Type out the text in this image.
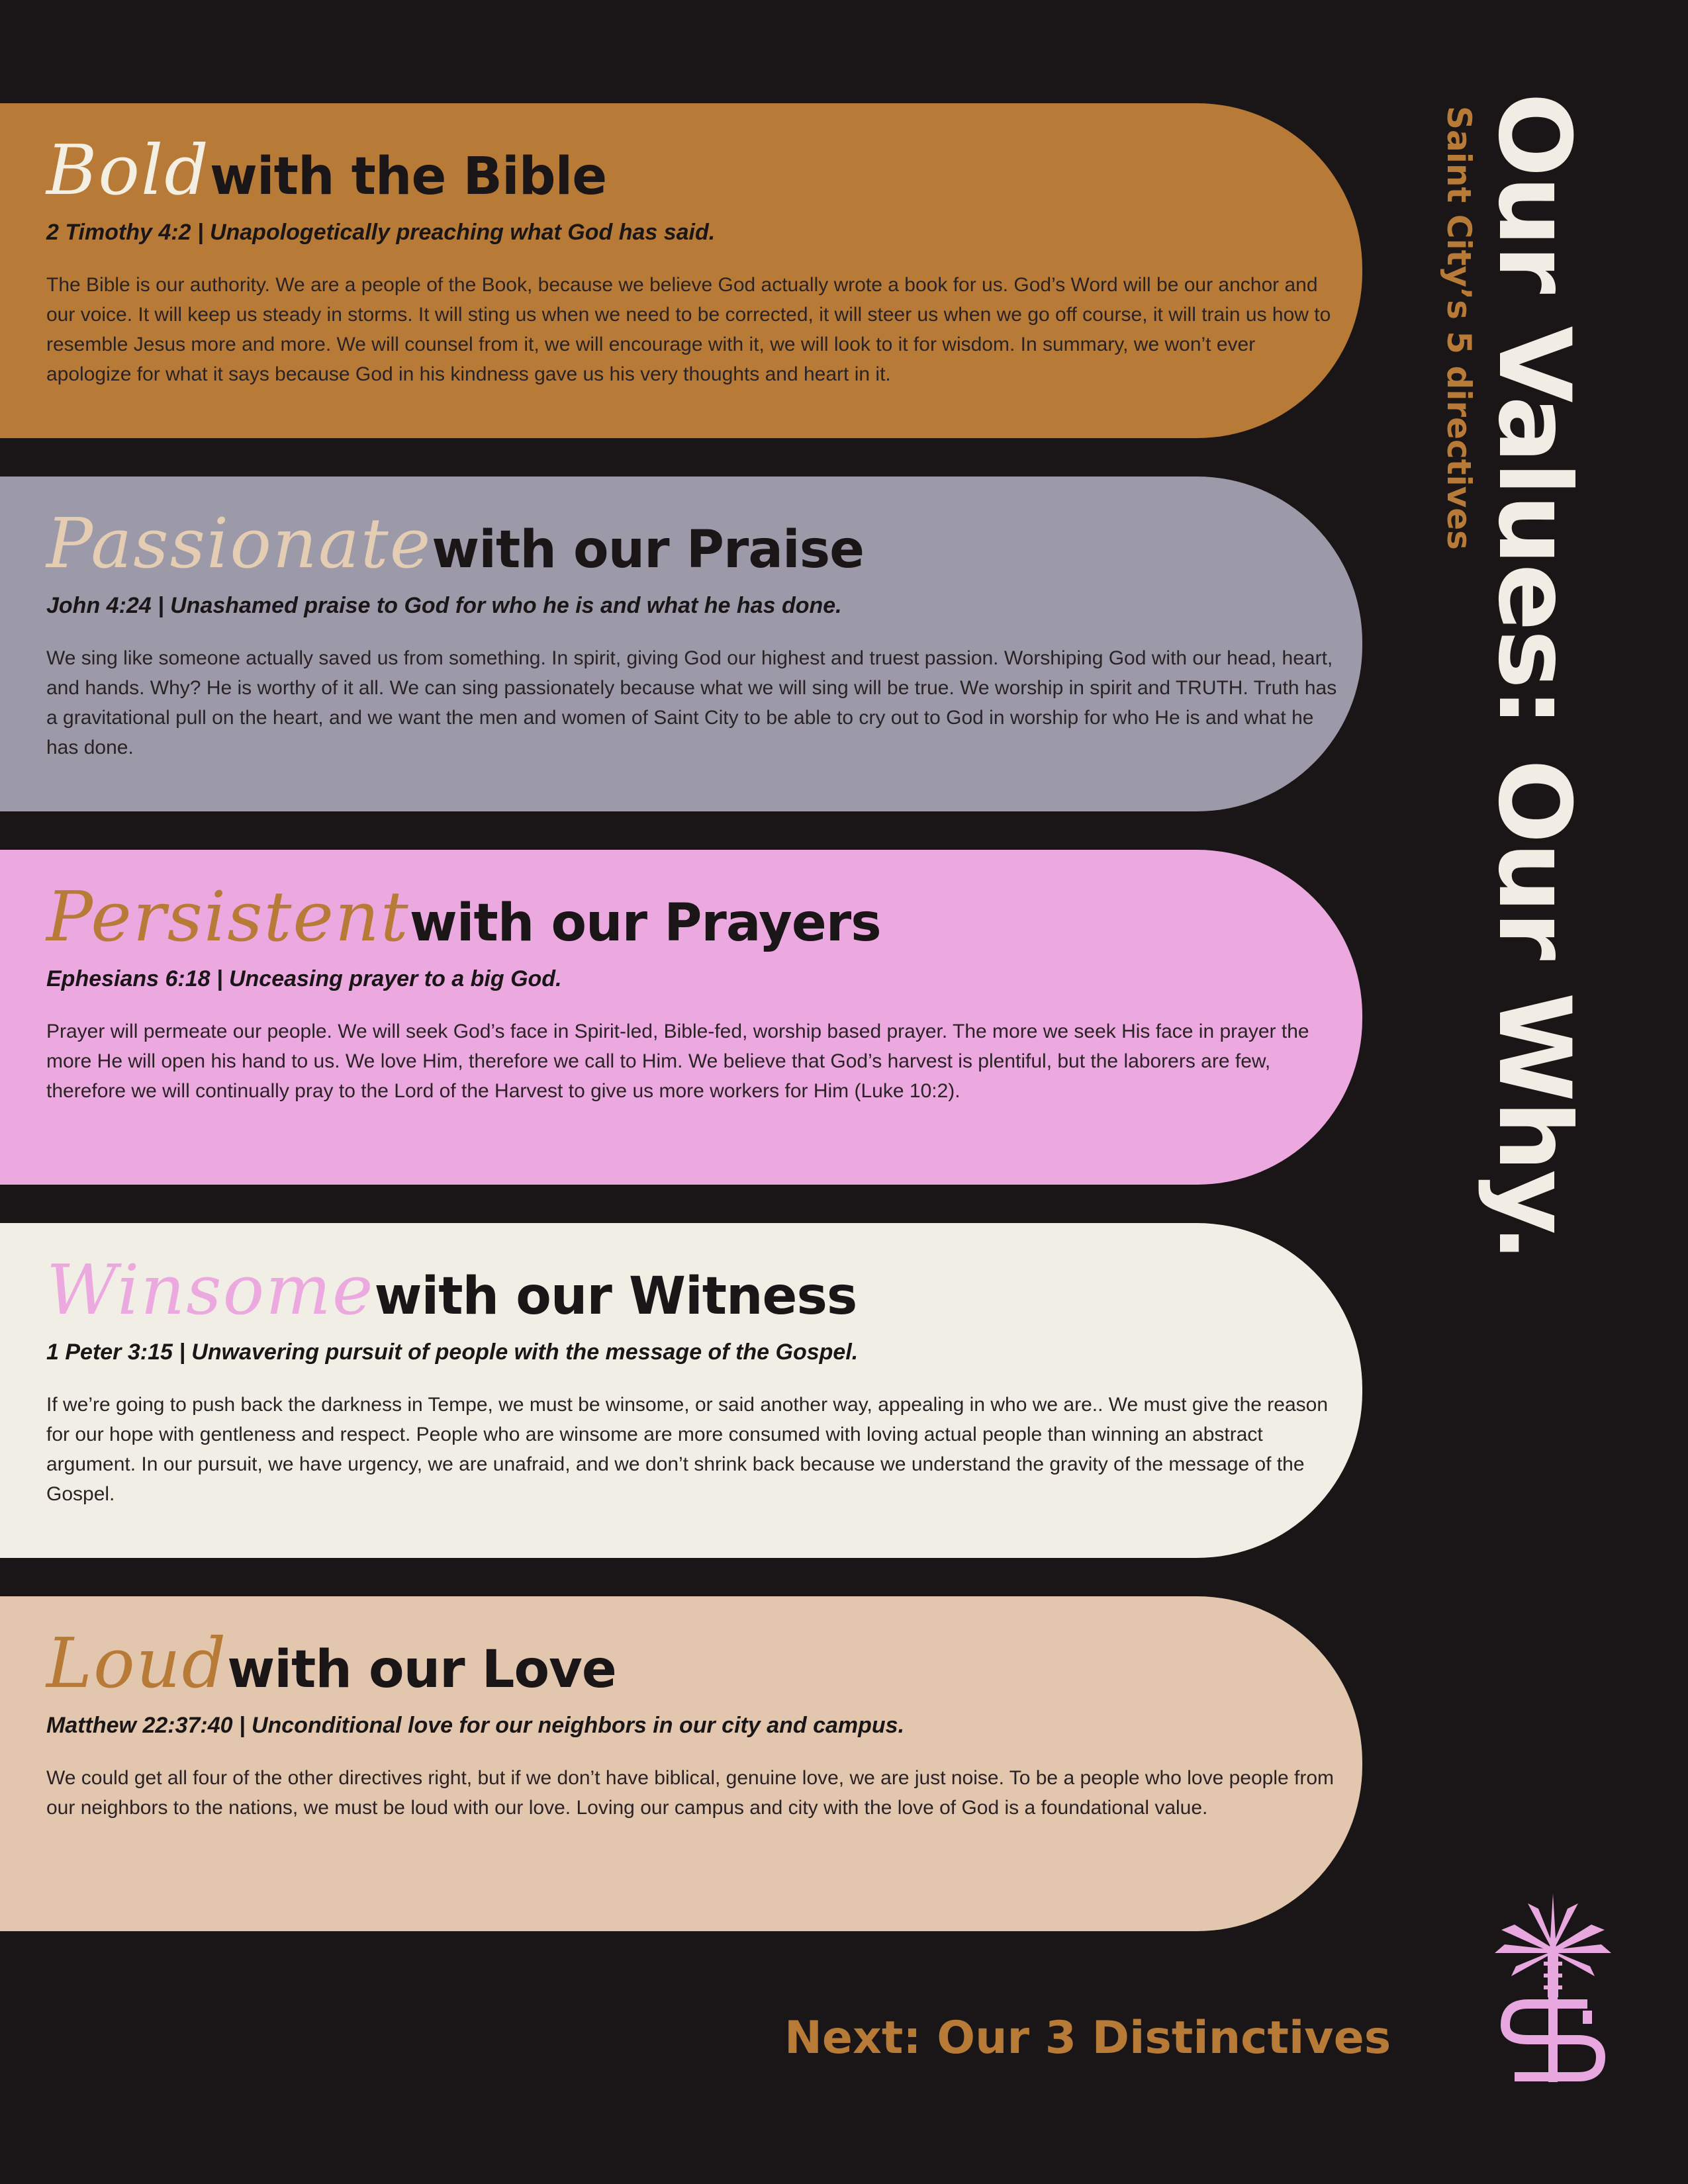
Bold with the Bible
2 Timothy 4:2 | Unapologetically preaching what God has said.
The Bible is our authority. We are a people of the Book, because we believe God actually wrote a book for us. God’s Word will be our anchor and our voice. It will keep us steady in storms. It will sting us when we need to be corrected, it will steer us when we go off course, it will train us how to resemble Jesus more and more. We will counsel from it, we will encourage with it, we will look to it for wisdom. In summary, we won’t ever apologize for what it says because God in his kindness gave us his very thoughts and heart in it.
Passionate with our Praise
John 4:24 | Unashamed praise to God for who he is and what he has done.
We sing like someone actually saved us from something. In spirit, giving God our highest and truest passion. Worshiping God with our head, heart, and hands. Why? He is worthy of it all. We can sing passionately because what we will sing will be true. We worship in spirit and TRUTH. Truth has a gravitational pull on the heart, and we want the men and women of Saint City to be able to cry out to God in worship for who He is and what he has done.
Persistent with our Prayers
Ephesians 6:18 | Unceasing prayer to a big God.
Prayer will permeate our people. We will seek God’s face in Spirit-led, Bible-fed, worship based prayer. The more we seek His face in prayer the more He will open his hand to us. We love Him, therefore we call to Him. We believe that God’s harvest is plentiful, but the laborers are few, therefore we will continually pray to the Lord of the Harvest to give us more workers for Him (Luke 10:2).
Winsome with our Witness
1 Peter 3:15 | Unwavering pursuit of people with the message of the Gospel.
If we’re going to push back the darkness in Tempe, we must be winsome, or said another way, appealing in who we are.. We must give the reason for our hope with gentleness and respect. People who are winsome are more consumed with loving actual people than winning an abstract argument. In our pursuit, we have urgency, we are unafraid, and we don’t shrink back because we understand the gravity of the message of the Gospel.
Loud with our Love
Matthew 22:37:40 | Unconditional love for our neighbors in our city and campus.
We could get all four of the other directives right, but if we don’t have biblical, genuine love, we are just noise. To be a people who love people from our neighbors to the nations, we must be loud with our love. Loving our campus and city with the love of God is a foundational value.
Our Values: Our Why.
Saint City’s 5 directives
Next: Our 3 Distinctives
